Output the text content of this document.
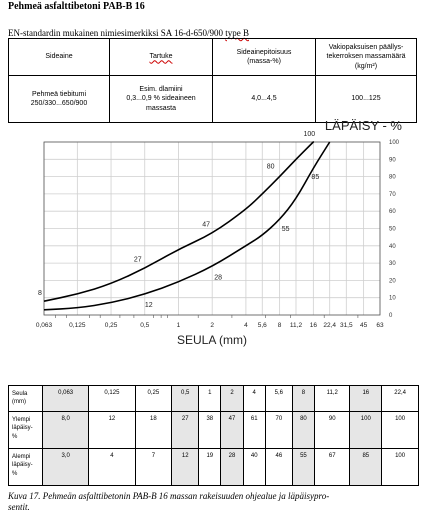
Pehmeä asfalttibetoni PAB-B 16
EN-standardin mukainen nimiesimerkiksi SA 16-d-650/900 type B
Sideaine	Tartuke	Sideainepitoisuus
(massa-%)	Vakiopaksuisen päällys-
tekerroksen massamäärä
(kg/m²)
Pehmeä tiebitumi
250/330...650/900	Esim. dlamiini
0,3...0,9 % sideaineen
massasta	4,0...4,5	100...125
0
10
20
30
40
50
60
70
80
90
100
0,063	0,125	0,25	0,5	1	2	4 5,6 8 11,2 16 22,4 31,5 45 63
8
27
47
80
100
12
28
55
85
LÄPÄISY - %
SEULA (mm)
Seula
(mm)	0,063	0,125	0,25	0,5	1	2	4	5,6	8	11,2	16	22,4
Ylempi
läpäisy-
%	8,0	12	18	27	38	47	61	70	80	90	100	100
Alempi
läpäisy-
%	3,0	4	7	12	19	28	40	46	55	67	85	100
Kuva 17. Pehmeän asfalttibetonin PAB-B 16 massan rakeisuuden ohjealue ja läpäisypro-
sentit.
